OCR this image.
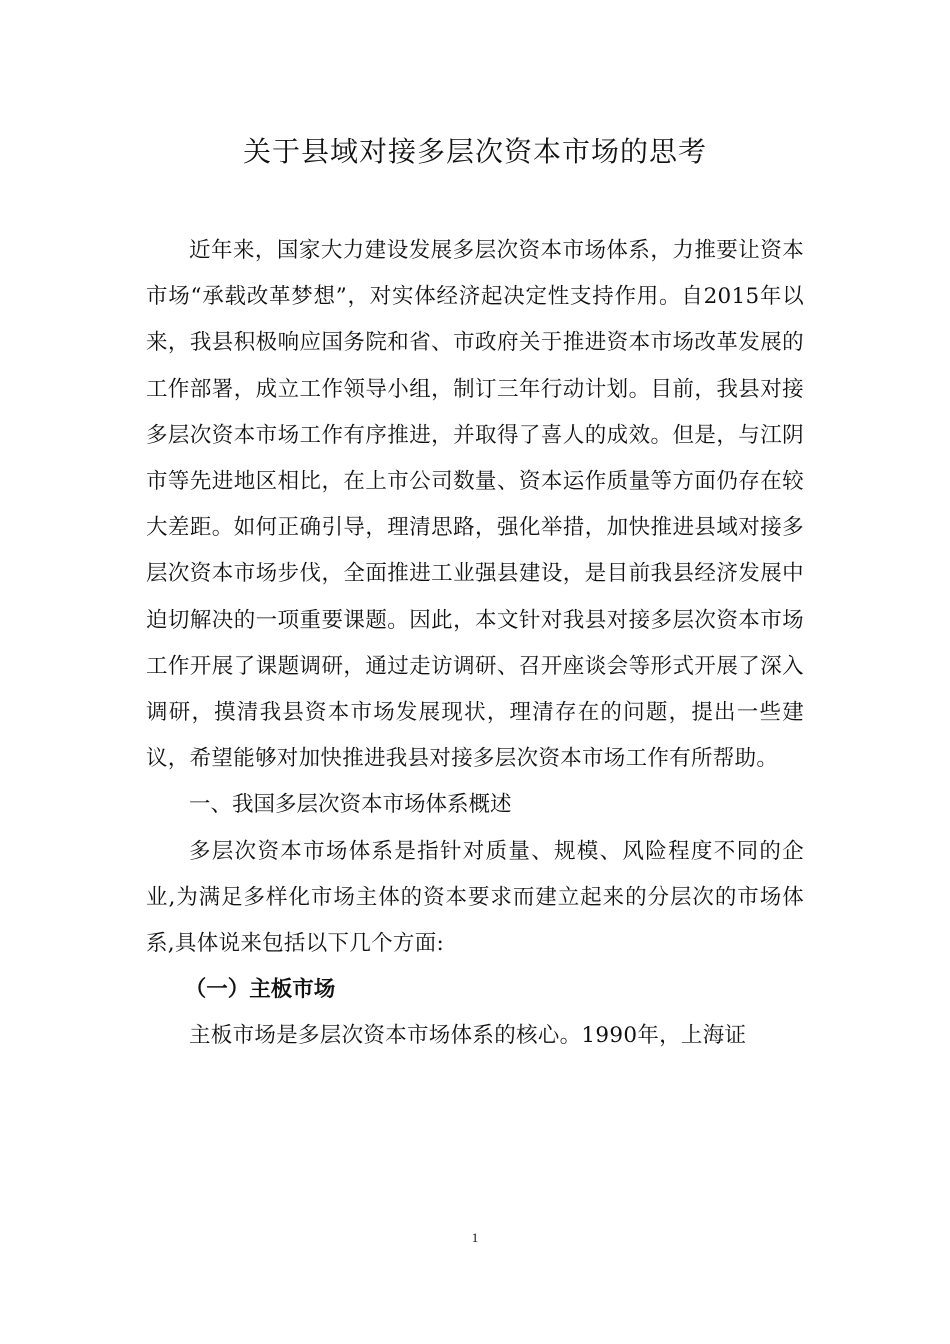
关于县域对接多层次资本市场的思考

近年来，国家大力建设发展多层次资本市场体系，力推要让资本市场“承载改革梦想”，对实体经济起决定性支持作用。自2015年以来，我县积极响应国务院和省、市政府关于推进资本市场改革发展的工作部署，成立工作领导小组，制订三年行动计划。目前，我县对接多层次资本市场工作有序推进，并取得了喜人的成效。但是，与江阴市等先进地区相比，在上市公司数量、资本运作质量等方面仍存在较大差距。如何正确引导，理清思路，强化举措，加快推进县域对接多层次资本市场步伐，全面推进工业强县建设，是目前我县经济发展中迫切解决的一项重要课题。因此，本文针对我县对接多层次资本市场工作开展了课题调研，通过走访调研、召开座谈会等形式开展了深入调研，摸清我县资本市场发展现状，理清存在的问题，提出一些建议，希望能够对加快推进我县对接多层次资本市场工作有所帮助。

一、我国多层次资本市场体系概述

多层次资本市场体系是指针对质量、规模、风险程度不同的企业,为满足多样化市场主体的资本要求而建立起来的分层次的市场体系,具体说来包括以下几个方面:

（一）主板市场

主板市场是多层次资本市场体系的核心。1990年，上海证

1
